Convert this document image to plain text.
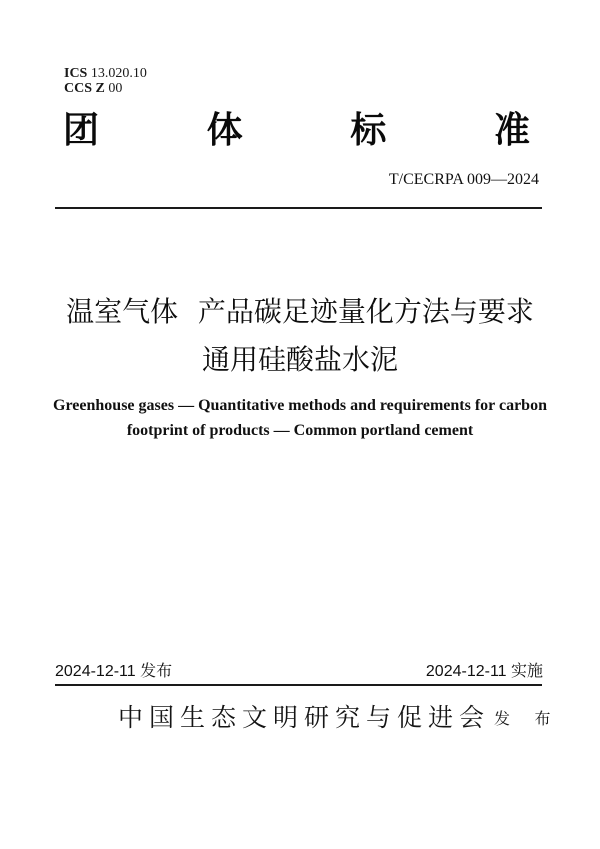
ICS 13.020.10
CCS Z 00
团	体	标	准
T/CECRPA 009—2024
温室气体 产品碳足迹量化方法与要求
通用硅酸盐水泥
Greenhouse gases — Quantitative methods and requirements for carbon
footprint of products — Common portland cement
2024-12-11 发布	2024-12-11 实施
中国生态文明研究与促进会 发 布
